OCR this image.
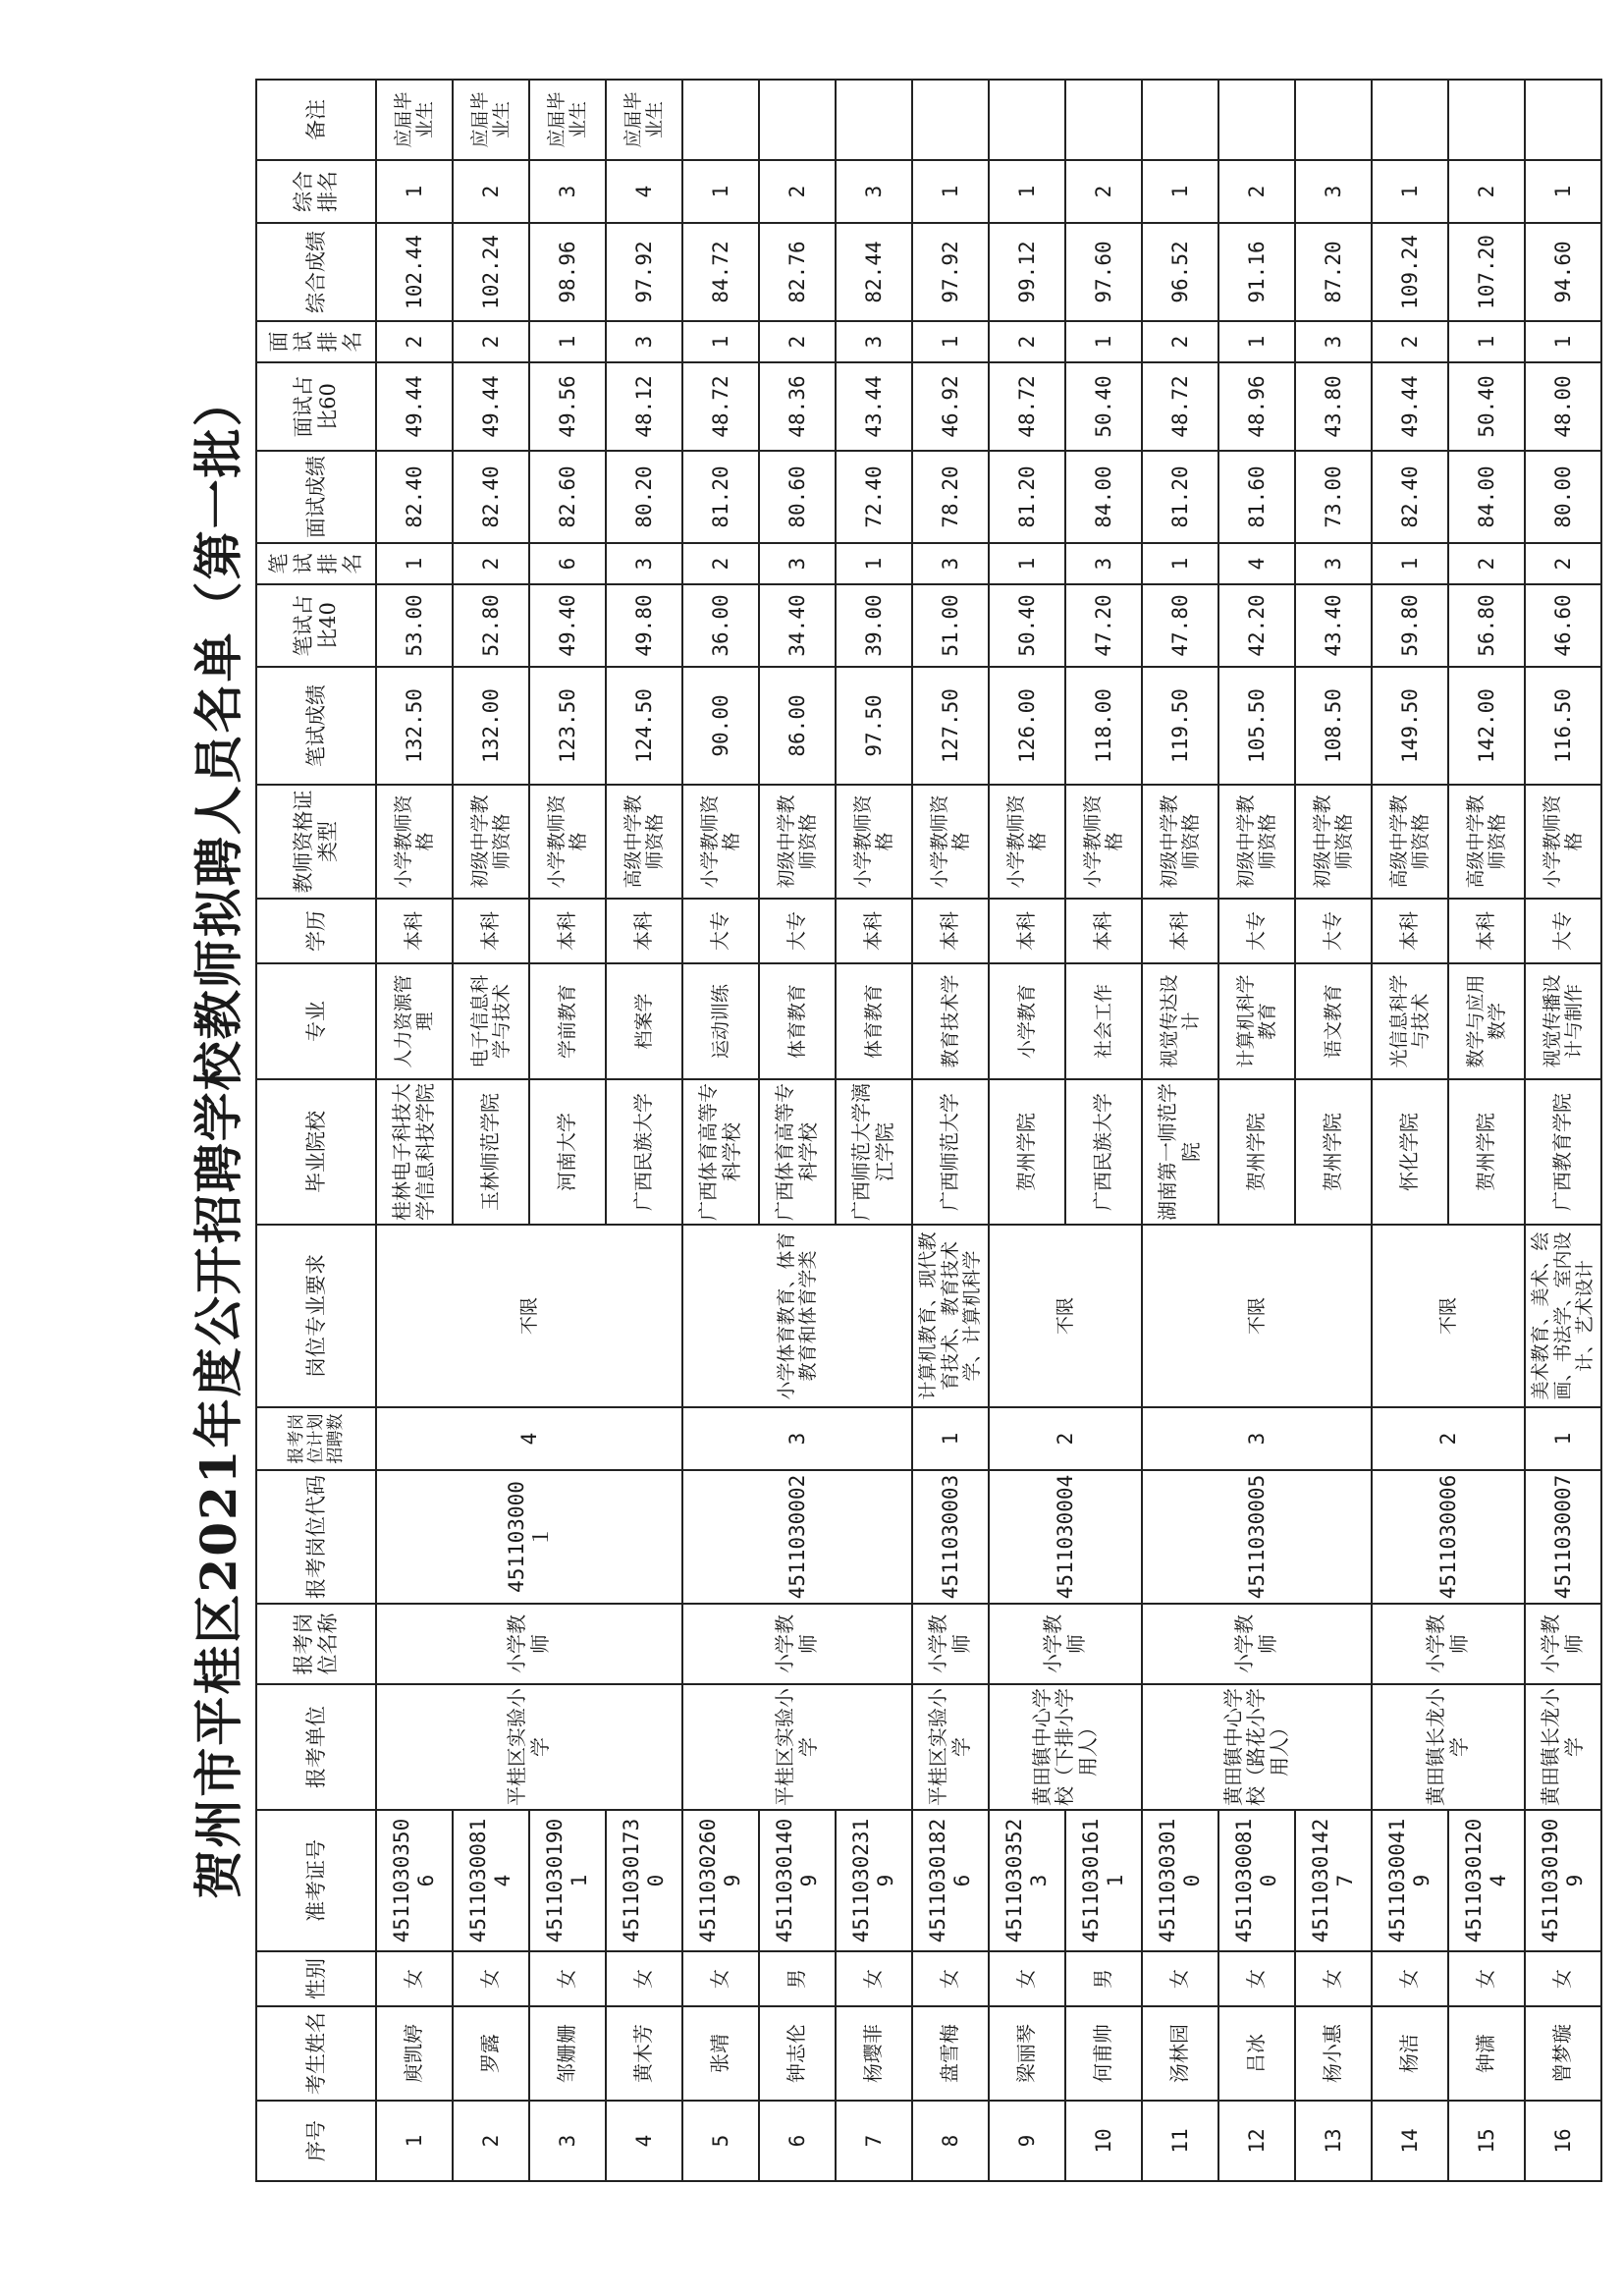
贺州市平桂区2021年度公开招聘学校教师拟聘人员名单（第一批）
序号	考生姓名	性别	准考证号	报考单位	报考岗位名称	报考岗位代码	报考岗位计划招聘数	岗位专业要求	毕业院校	专业	学历	教师资格证类型	笔试成绩	笔试占比40	笔试排名	面试成绩	面试占比60	面试排名	综合成绩	综合排名	备注
1	庾凯婷	女	45110303506	平桂区实验小学	小学教师	451103000１	4	不限	桂林电子科技大学信息科技学院	人力资源管理	本科	小学教师资格	132.50	53.00	1	82.40	49.44	2	102.44	1	应届毕业生
2	罗露	女	45110300814						玉林师范学院	电子信息科学与技术	本科	初级中学教师资格	132.00	52.80	2	82.40	49.44	2	102.24	2	应届毕业生
3	邹姗姗	女	45110301901						河南大学	学前教育	本科	小学教师资格	123.50	49.40	6	82.60	49.56	1	98.96	3	应届毕业生
4	黄木芳	女	45110301730						广西民族大学	档案学	本科	高级中学教师资格	124.50	49.80	3	80.20	48.12	3	97.92	4	应届毕业生
5	张靖	女	45110302609	平桂区实验小学	小学教师	4511030002	3	小学体育教育、体育教育和体育学类	广西体育高等专科学校	运动训练	大专	小学教师资格	90.00	36.00	2	81.20	48.72	1	84.72	1	
6	钟志伦	男	45110301409						广西体育高等专科学校	体育教育	大专	初级中学教师资格	86.00	34.40	3	80.60	48.36	2	82.76	2	
7	杨璎菲	女	45110302319						广西师范大学漓江学院	体育教育	本科	小学教师资格	97.50	39.00	1	72.40	43.44	3	82.44	3	
8	盘雪梅	女	45110301826	平桂区实验小学	小学教师	4511030003	1	计算机教育、现代教育技术、教育技术学、计算机科学	广西师范大学	教育技术学	本科	小学教师资格	127.50	51.00	3	78.20	46.92	1	97.92	1	
9	梁丽琴	女	45110303523	黄田镇中心学校（下排小学用人）	小学教师	4511030004	2	不限	贺州学院	小学教育	本科	小学教师资格	126.00	50.40	1	81.20	48.72	2	99.12	1	
10	何甫帅	男	45110301611						广西民族大学	社会工作	本科	小学教师资格	118.00	47.20	3	84.00	50.40	1	97.60	2	
11	汤林园	女	45110303010	黄田镇中心学校（路花小学用人）	小学教师	4511030005	3	不限	湖南第一师范学院	视觉传达设计	本科	初级中学教师资格	119.50	47.80	1	81.20	48.72	2	96.52	1	
12	吕冰	女	45110300810						贺州学院	计算机科学教育	大专	初级中学教师资格	105.50	42.20	4	81.60	48.96	1	91.16	2	
13	杨小惠	女	45110301427						贺州学院	语文教育	大专	初级中学教师资格	108.50	43.40	3	73.00	43.80	3	87.20	3	
14	杨洁	女	45110300419	黄田镇长龙小学	小学教师	4511030006	2	不限	怀化学院	光信息科学与技术	本科	高级中学教师资格	149.50	59.80	1	82.40	49.44	2	109.24	1	
15	钟潇	女	45110301204						贺州学院	数学与应用数学	本科	高级中学教师资格	142.00	56.80	2	84.00	50.40	1	107.20	2	
16	曾梦璇	女	45110301909	黄田镇长龙小学	小学教师	4511030007	1	美术教育、美术、绘画、书法学、室内设计、艺术设计	广西教育学院	视觉传播设计与制作	大专	小学教师资格	116.50	46.60	2	80.00	48.00	1	94.60	1	
